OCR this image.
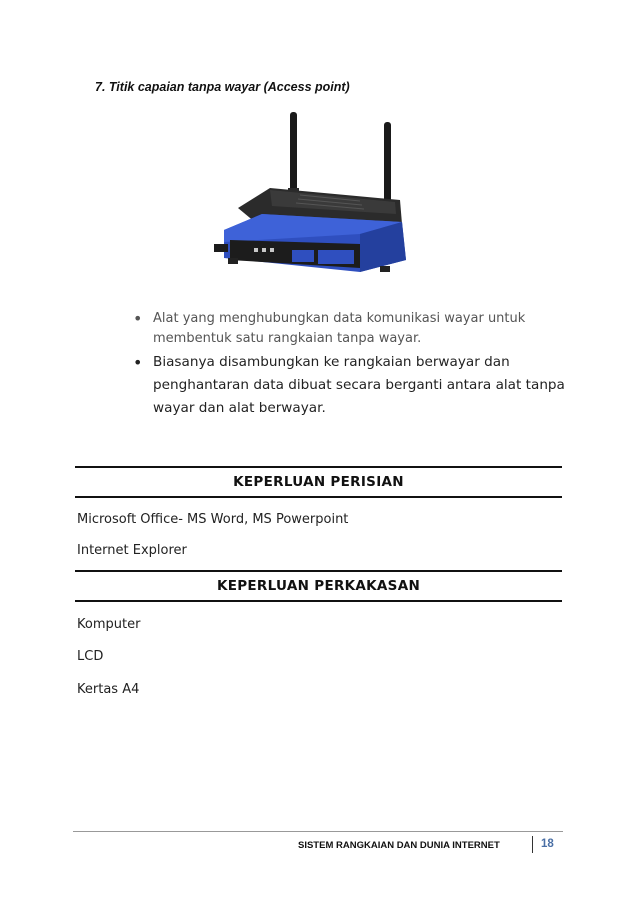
7. Titik capaian tanpa wayar (Access point)
• Alat yang menghubungkan data komunikasi wayar untuk membentuk satu rangkaian tanpa wayar.
• Biasanya disambungkan ke rangkaian berwayar dan penghantaran data dibuat secara berganti antara alat tanpa wayar dan alat berwayar.
KEPERLUAN PERISIAN
Microsoft Office- MS Word, MS Powerpoint
Internet Explorer
KEPERLUAN PERKAKASAN
Komputer
LCD
Kertas A4
SISTEM RANGKAIAN DAN DUNIA INTERNET	18
